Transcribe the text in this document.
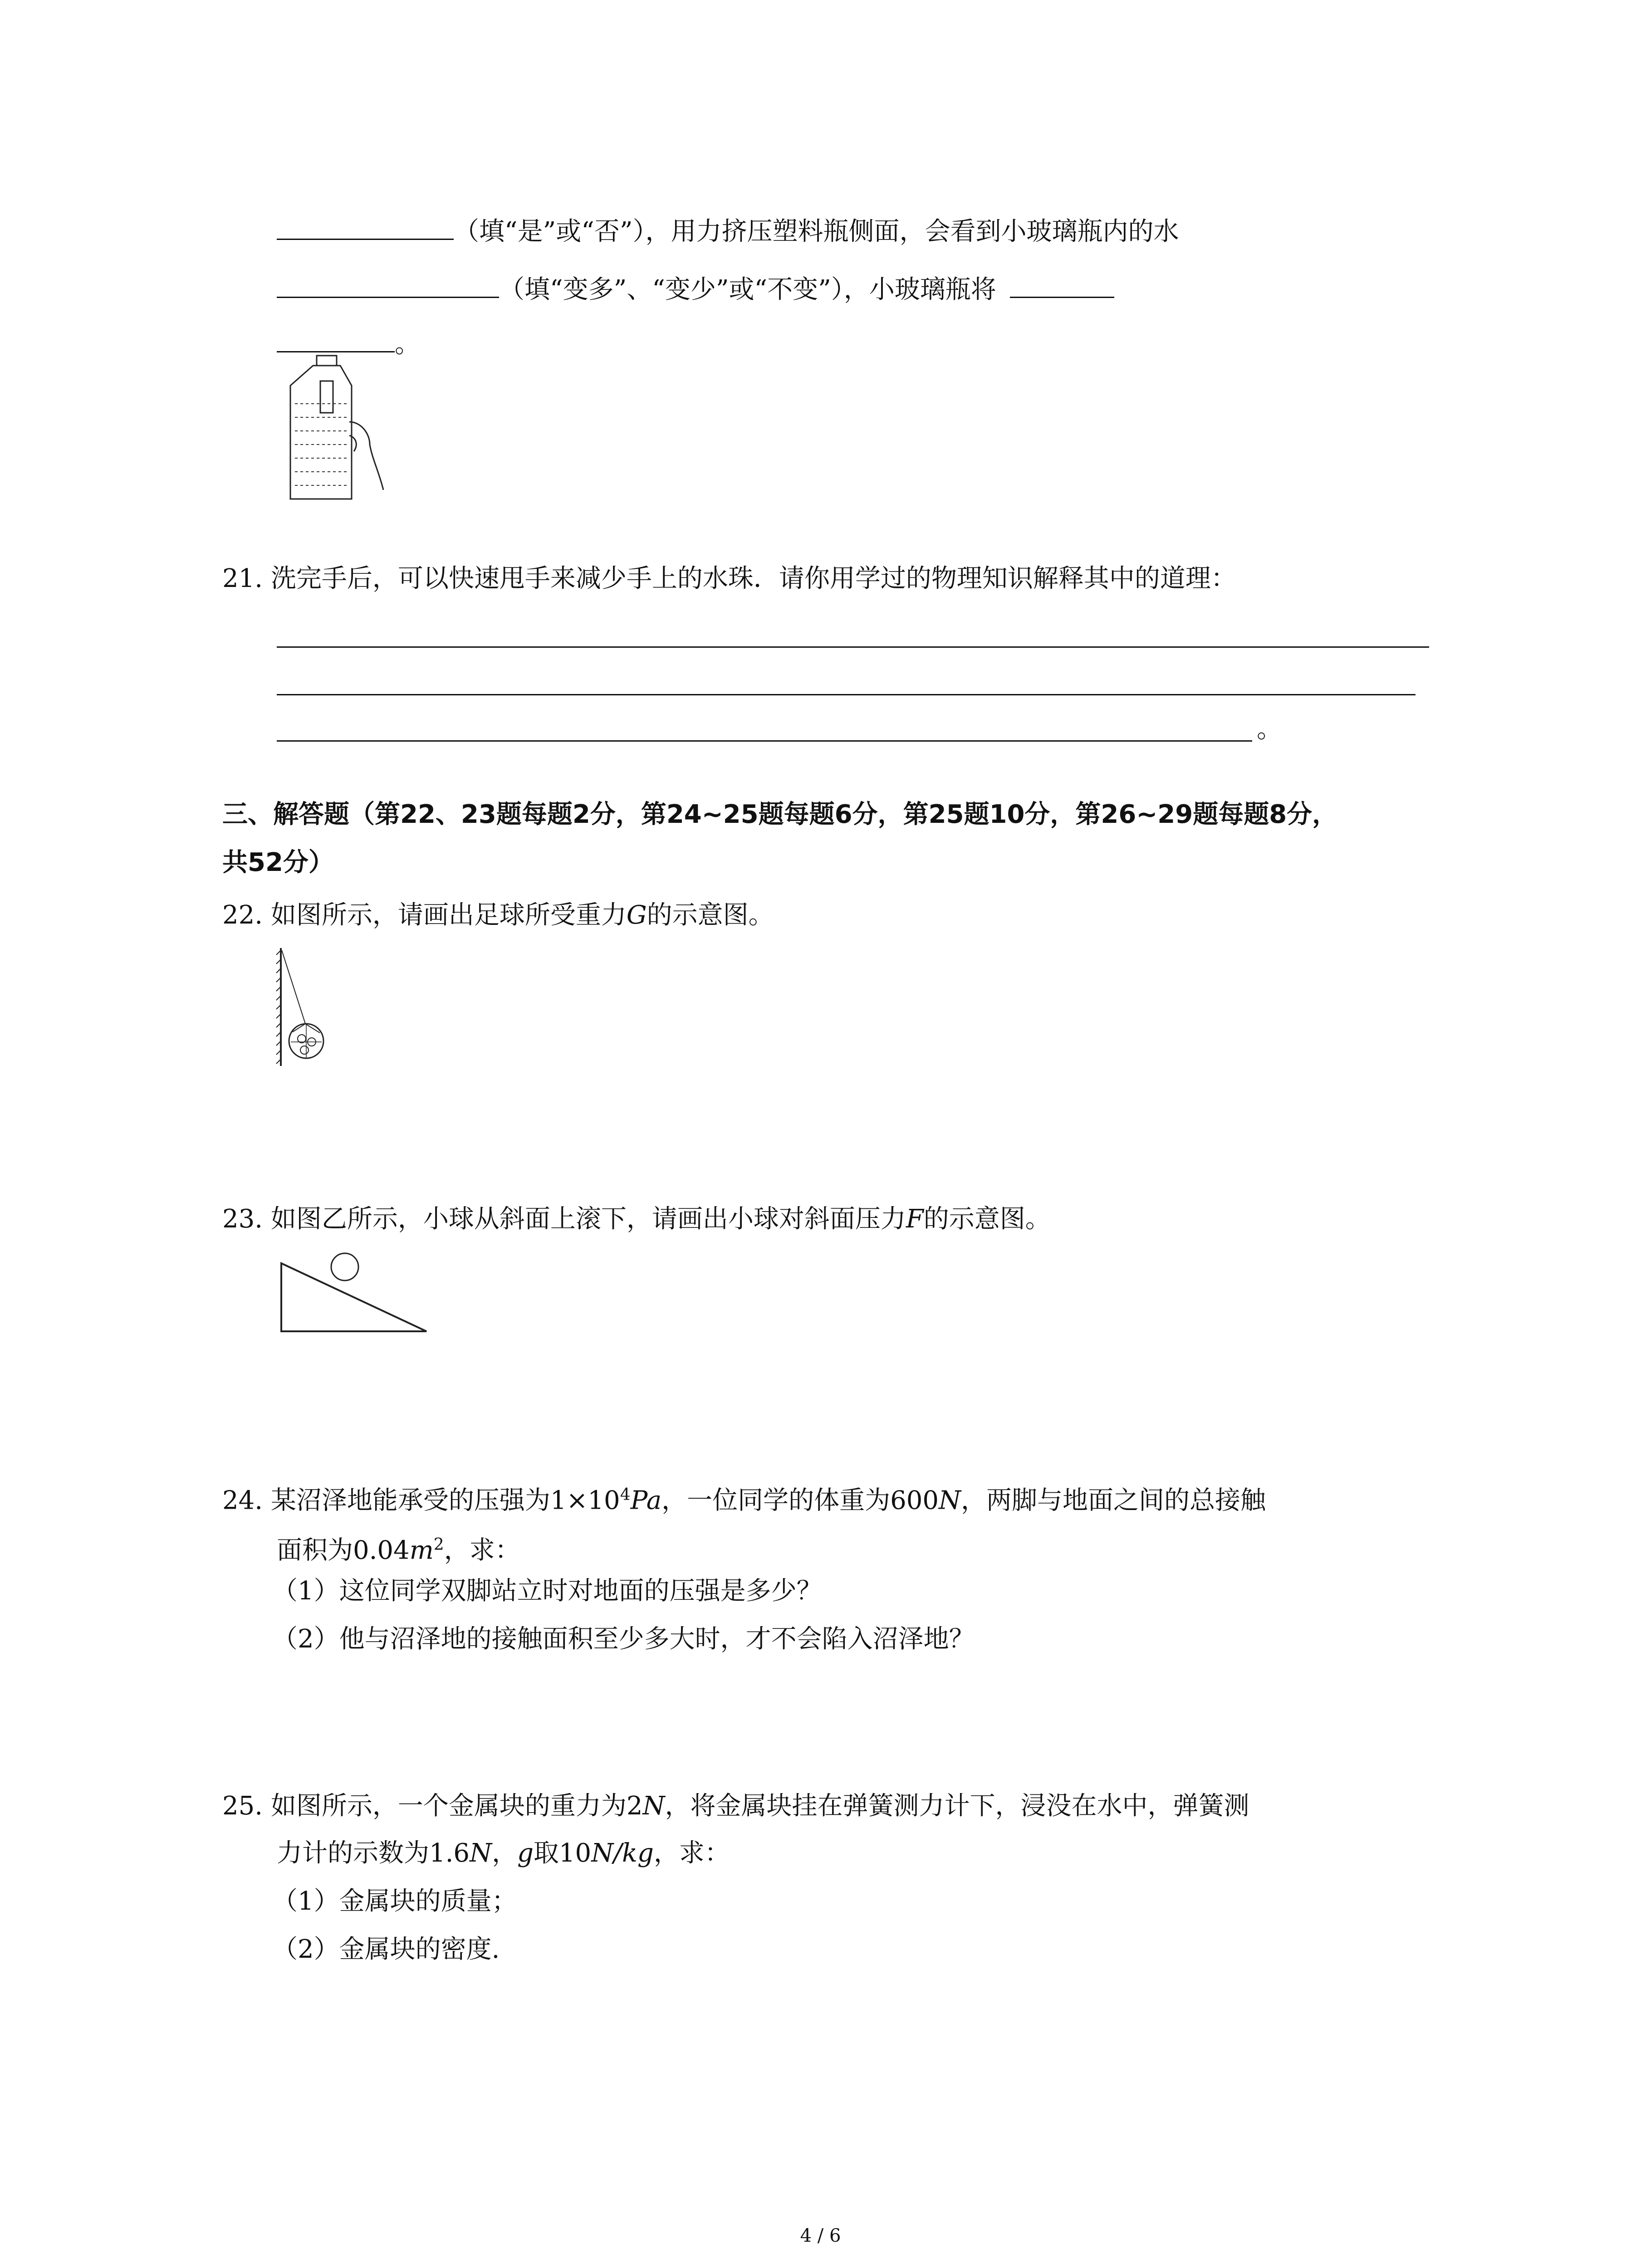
（填“是”或“否”），用力挤压塑料瓶侧面，会看到小玻璃瓶内的水
（填“变多”、“变少”或“不变”），小玻璃瓶将
。
21. 洗完手后，可以快速甩手来减少手上的水珠．请你用学过的物理知识解释其中的道理：
。
三、解答题（第22、23题每题2分，第24~25题每题6分，第25题10分，第26~29题每题8分，
共52分）
22. 如图所示，请画出足球所受重力G的示意图。
23. 如图乙所示，小球从斜面上滚下，请画出小球对斜面压力F的示意图。
24. 某沼泽地能承受的压强为$1\times 10^4Pa$，一位同学的体重为600N，两脚与地面之间的总接触
面积为$0.04m^2$，求：
（1）这位同学双脚站立时对地面的压强是多少？
（2）他与沼泽地的接触面积至少多大时，才不会陷入沼泽地？
25. 如图所示，一个金属块的重力为2N，将金属块挂在弹簧测力计下，浸没在水中，弹簧测
力计的示数为1.6N，g取10N/kg，求：
（1）金属块的质量；
（2）金属块的密度.
4 / 6
